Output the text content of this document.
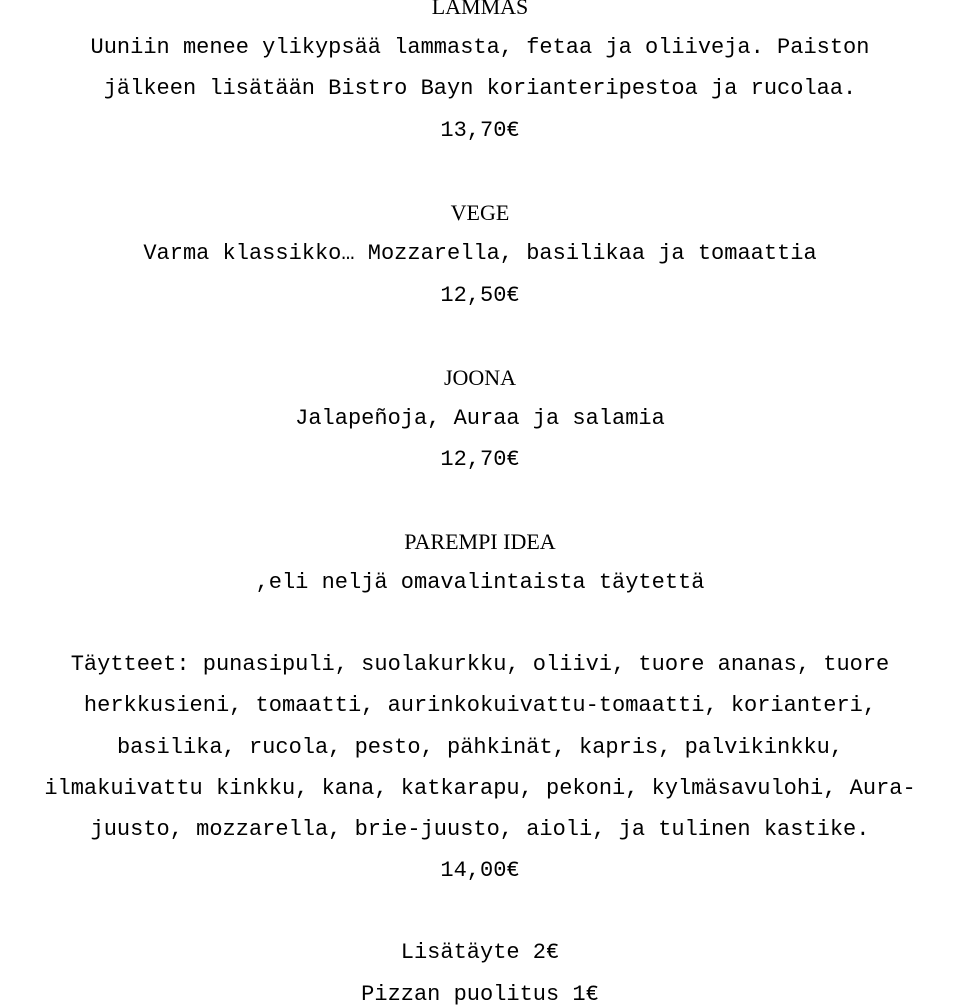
LAMMAS
Uuniin menee ylikypsää lammasta, fetaa ja oliiveja. Paiston
jälkeen lisätään Bistro Bayn korianteripestoa ja rucolaa.
13,70€
VEGE
Varma klassikko… Mozzarella, basilikaa ja tomaattia
12,50€
JOONA
Jalapeñoja, Auraa ja salamia
12,70€
PAREMPI IDEA
,eli neljä omavalintaista täytettä
Täytteet: punasipuli, suolakurkku, oliivi, tuore ananas, tuore
herkkusieni, tomaatti, aurinkokuivattu-tomaatti, korianteri,
basilika, rucola, pesto, pähkinät, kapris, palvikinkku,
ilmakuivattu kinkku, kana, katkarapu, pekoni, kylmäsavulohi, Aura-
juusto, mozzarella, brie-juusto, aioli, ja tulinen kastike.
14,00€
Lisätäyte 2€
Pizzan puolitus 1€
